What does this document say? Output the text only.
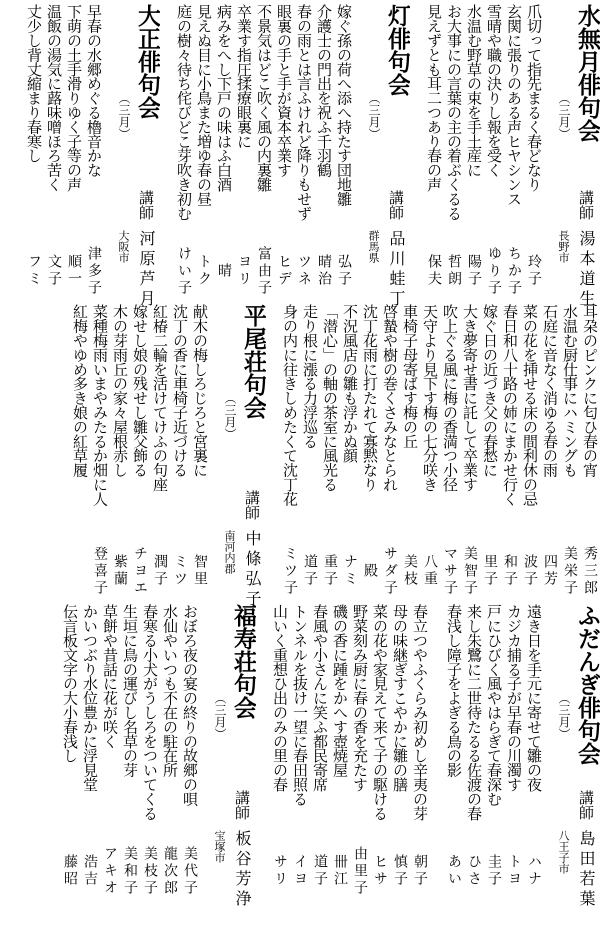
水無月俳句会
（三月）
講師
湯本道生
長野市
爪切って指先まるく春どなり
玲子
玄関に張りのある声ヒヤシンス
ちか子
雪晴や職の決りし報を受く
ゆり子
水温む野草の束を手土産に
陽子
お大事にの言葉の主の着ぶくるる
哲朗
見えずとも耳二つあり春の声
保夫
灯俳句会
（三月）
講師
品川蛙丁
群馬県
嫁ぐ孫の荷へ添へ持たす団地雛
弘子
介護士の門出を祝ふ千羽鶴
晴治
春の雨とは言ふけれど降りもせず
ツネ
眼裏の手と手が資本卒業す
ヒデ
不景気はどこ吹く風の内裏雛
富由子
卒業す指圧揉療眼裏に
ヨリ
病みをへし下戸の味はふ白酒
晴
見えぬ目に小鳥また増ゆ春の昼
トク
庭の樹々待ち侘びどこ芽吹き初む
けい子
大正俳句会
（三月）
講師
河原芦月
大阪市
早春の水郷めぐる櫓音かな
津多子
下萌の土手滑りゆく子等の声
順一
温飯の湯気に蕗味噌ほろ苦く
文子
丈少し背丈縮まり春寒し
フミ
耳朶のピンクに匂ひ春の宵
秀三郎
水温む厨仕事にハミングも
美栄子
石庭に音なく消ゆる春の雨
四芳
菜の花を挿せる床の間利休の忌
波子
春日和八十路の姉にまかせ行く
和子
嫁ぐ日の近づき父の春愁に
里子
大き夢寄せ書に託して卒業す
美智子
吹上ぐる風に梅の香満つ小径
マサ子
天守より見下す梅の七分咲き
八重
車椅子母寄ばす梅の丘
美枝
啓蟄や樹の巻くさみなとられ
サダ子
沈丁花雨に打たれて寡黙なり
殿
不況風店の雛も浮かぬ顔
ナミ
「潜心」の軸の茶室に風光る
重子
走り根に漲る力浮巡る
道子
身の内に往きしめたくて沈丁花
ミツ子
平尾荘句会
（三月）
講師
中條弘子
南河内郡
献木の梅しろじろと宮裏に
智里
沈丁の香に車椅子近づける
ミツ
紅椿二輪を活けてけふの句座
潤子
嫁せし娘の残せし雛父飾る
チヨエ
木の芽雨丘の家々屋根赤し
紫蘭
菜種梅雨いまやみたるか畑に人
登喜子
紅梅やゆめ多き娘の紅草履
ふだんぎ俳句会
（三月）
講師
島田若葉
八王子市
遠き日を手元に寄せて雛の夜
ハナ
カジカ捕る子が早春の川濁す
トヨ
戸にひびく風やはらぎて春深む
圭子
来し朱鷺に二世待たるる佐渡の春
ひさ
春浅し障子をよぎる鳥の影
あい
春立つやふくらみ初めし辛夷の芽
朝子
母の味継ぎすこやかに雛の膳
慎子
菜の花や家見えて来て子の駆ける
ヒサ
野菜刻み厨に春の香を充たす
由里子
磯の香に踵をかへす壺焼屋
卌江
春風や小さんに笑ふ都民寄席
道子
トンネルを抜け一望に春田照る
イヨ
山いく重想ひ出のみの里の春
サリ
福寿荘句会
（三月）
講師
板谷芳浄
宝塚市
おぼろ夜の宴の終りの故郷の唄
美代子
水仙やいつも不在の駐在所
龍次郎
春寒る小犬がうしろをついてくる
美枝子
生垣に鳥の運びし名草の芽
美和子
草餅や昔話に花が咲く
アキオ
かいつぶり水位豊かに浮見堂
浩吉
伝言板文字の大小春浅し
藤昭
